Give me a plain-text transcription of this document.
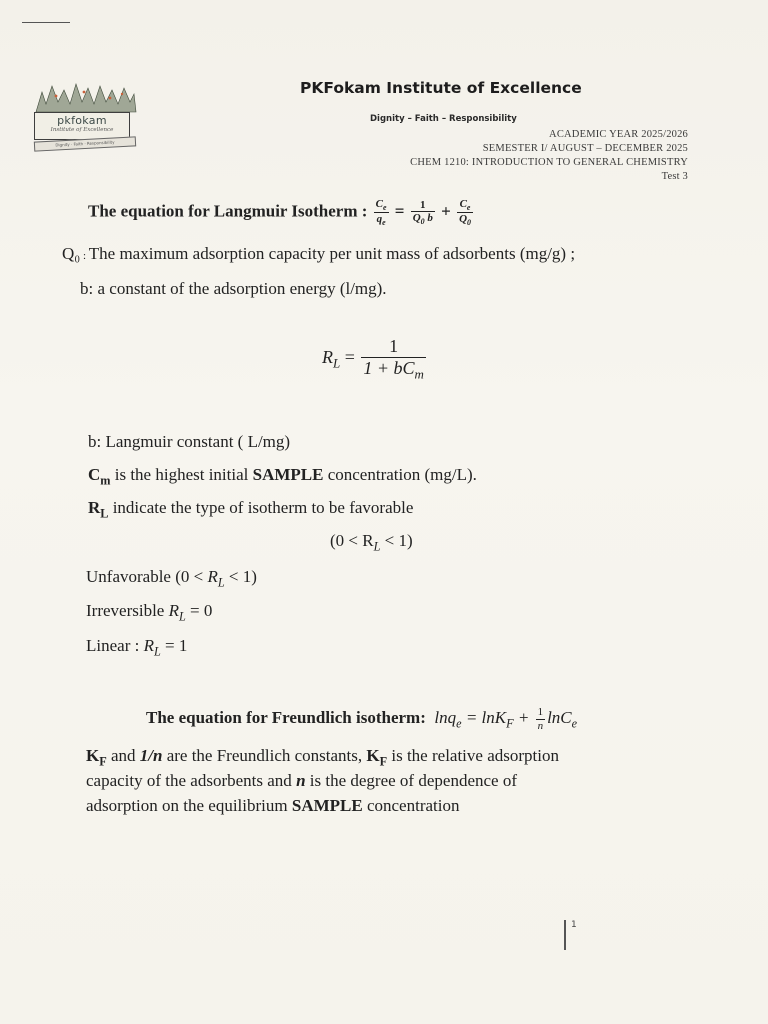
pkfokam
Institute of Excellence
Dignity · Faith · Responsibility
PKFokam Institute of Excellence
Dignity – Faith – Responsibility
ACADEMIC YEAR 2025/2026
SEMESTER I/ AUGUST – DECEMBER 2025
CHEM 1210: INTRODUCTION TO GENERAL CHEMISTRY
Test 3
The equation for Langmuir Isotherm : $\frac{C_e}{q_e} = \frac{1}{Q_0 b} + \frac{C_e}{Q_0}$
Q₀ : The maximum adsorption capacity per unit mass of adsorbents (mg/g) ;
b: a constant of the adsorption energy (l/mg).
$R_L = \frac{1}{1 + bC_m}$
b: Langmuir constant ( L/mg)
$C_m$ is the highest initial SAMPLE concentration (mg/L).
$R_L$ indicate the type of isotherm to be favorable
$(0 < R_L < 1)$
Unfavorable $(0 < R_L < 1)$
Irreversible $R_L = 0$
Linear : $R_L = 1$
The equation for Freundlich isotherm:  $\ln q_e = \ln K_F + \frac{1}{n} \ln C_e$
$K_F$ and 1/n are the Freundlich constants, $K_F$ is the relative adsorption
capacity of the adsorbents and n is the degree of dependence of
adsorption on the equilibrium SAMPLE concentration
1
